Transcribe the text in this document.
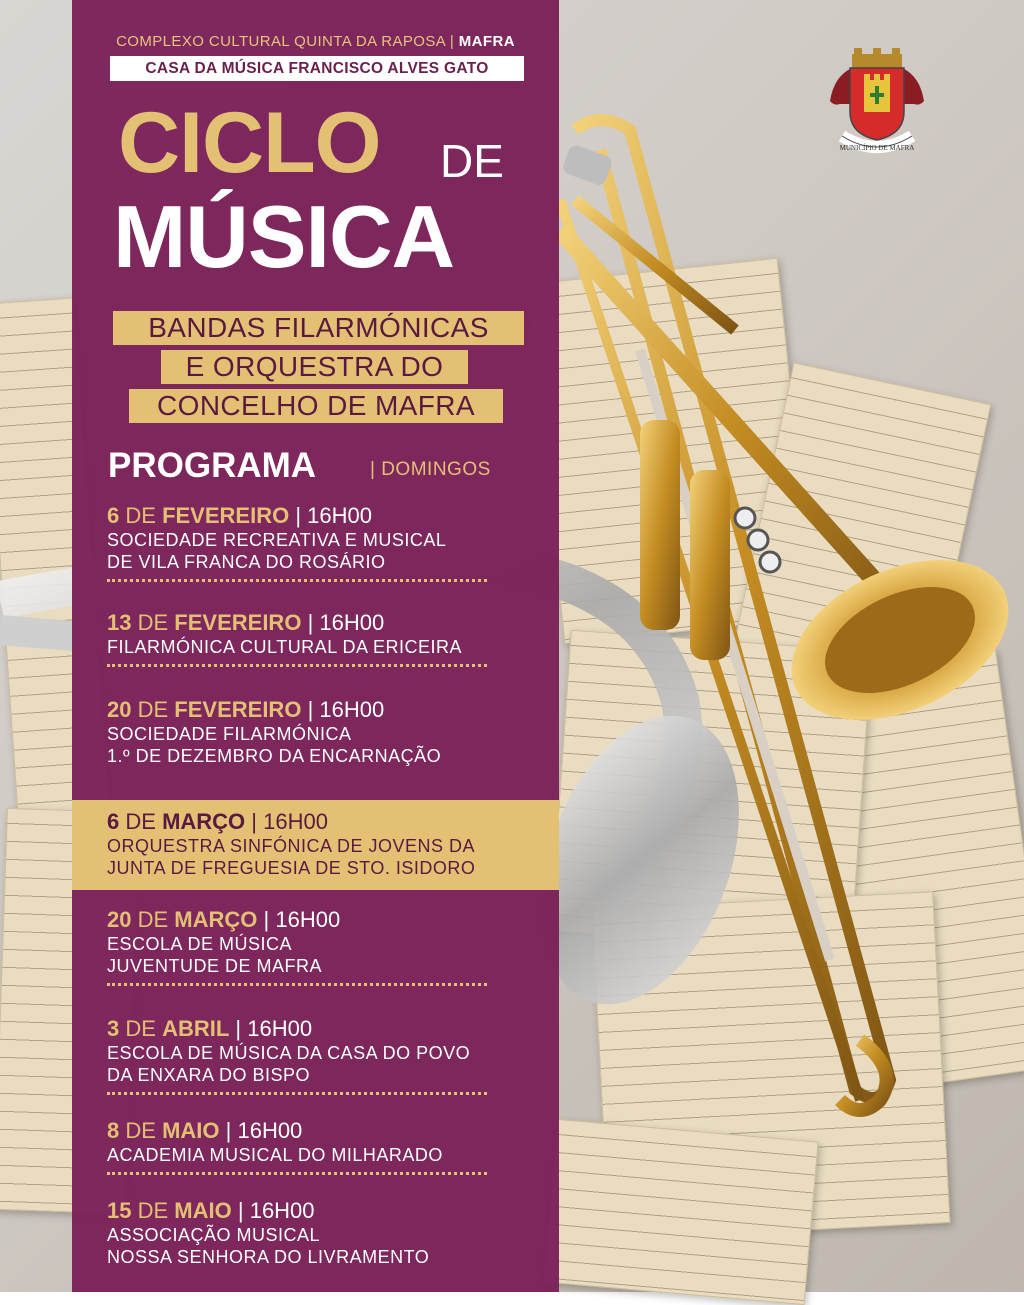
COMPLEXO CULTURAL QUINTA DA RAPOSA | MAFRA
CASA DA MÚSICA FRANCISCO ALVES GATO
CICLO DE
MÚSICA
BANDAS FILARMÓNICAS
E ORQUESTRA DO
CONCELHO DE MAFRA
PROGRAMA	| DOMINGOS
6 DE FEVEREIRO | 16H00
SOCIEDADE RECREATIVA E MUSICAL
DE VILA FRANCA DO ROSÁRIO
13 DE FEVEREIRO | 16H00
FILARMÓNICA CULTURAL DA ERICEIRA
20 DE FEVEREIRO | 16H00
SOCIEDADE FILARMÓNICA
1.º DE DEZEMBRO DA ENCARNAÇÃO
6 DE MARÇO | 16H00
ORQUESTRA SINFÓNICA DE JOVENS DA
JUNTA DE FREGUESIA DE STO. ISIDORO
20 DE MARÇO | 16H00
ESCOLA DE MÚSICA
JUVENTUDE DE MAFRA
3 DE ABRIL | 16H00
ESCOLA DE MÚSICA DA CASA DO POVO
DA ENXARA DO BISPO
8 DE MAIO | 16H00
ACADEMIA MUSICAL DO MILHARADO
15 DE MAIO | 16H00
ASSOCIAÇÃO MUSICAL
NOSSA SENHORA DO LIVRAMENTO
MUNICÍPIO DE MAFRA
